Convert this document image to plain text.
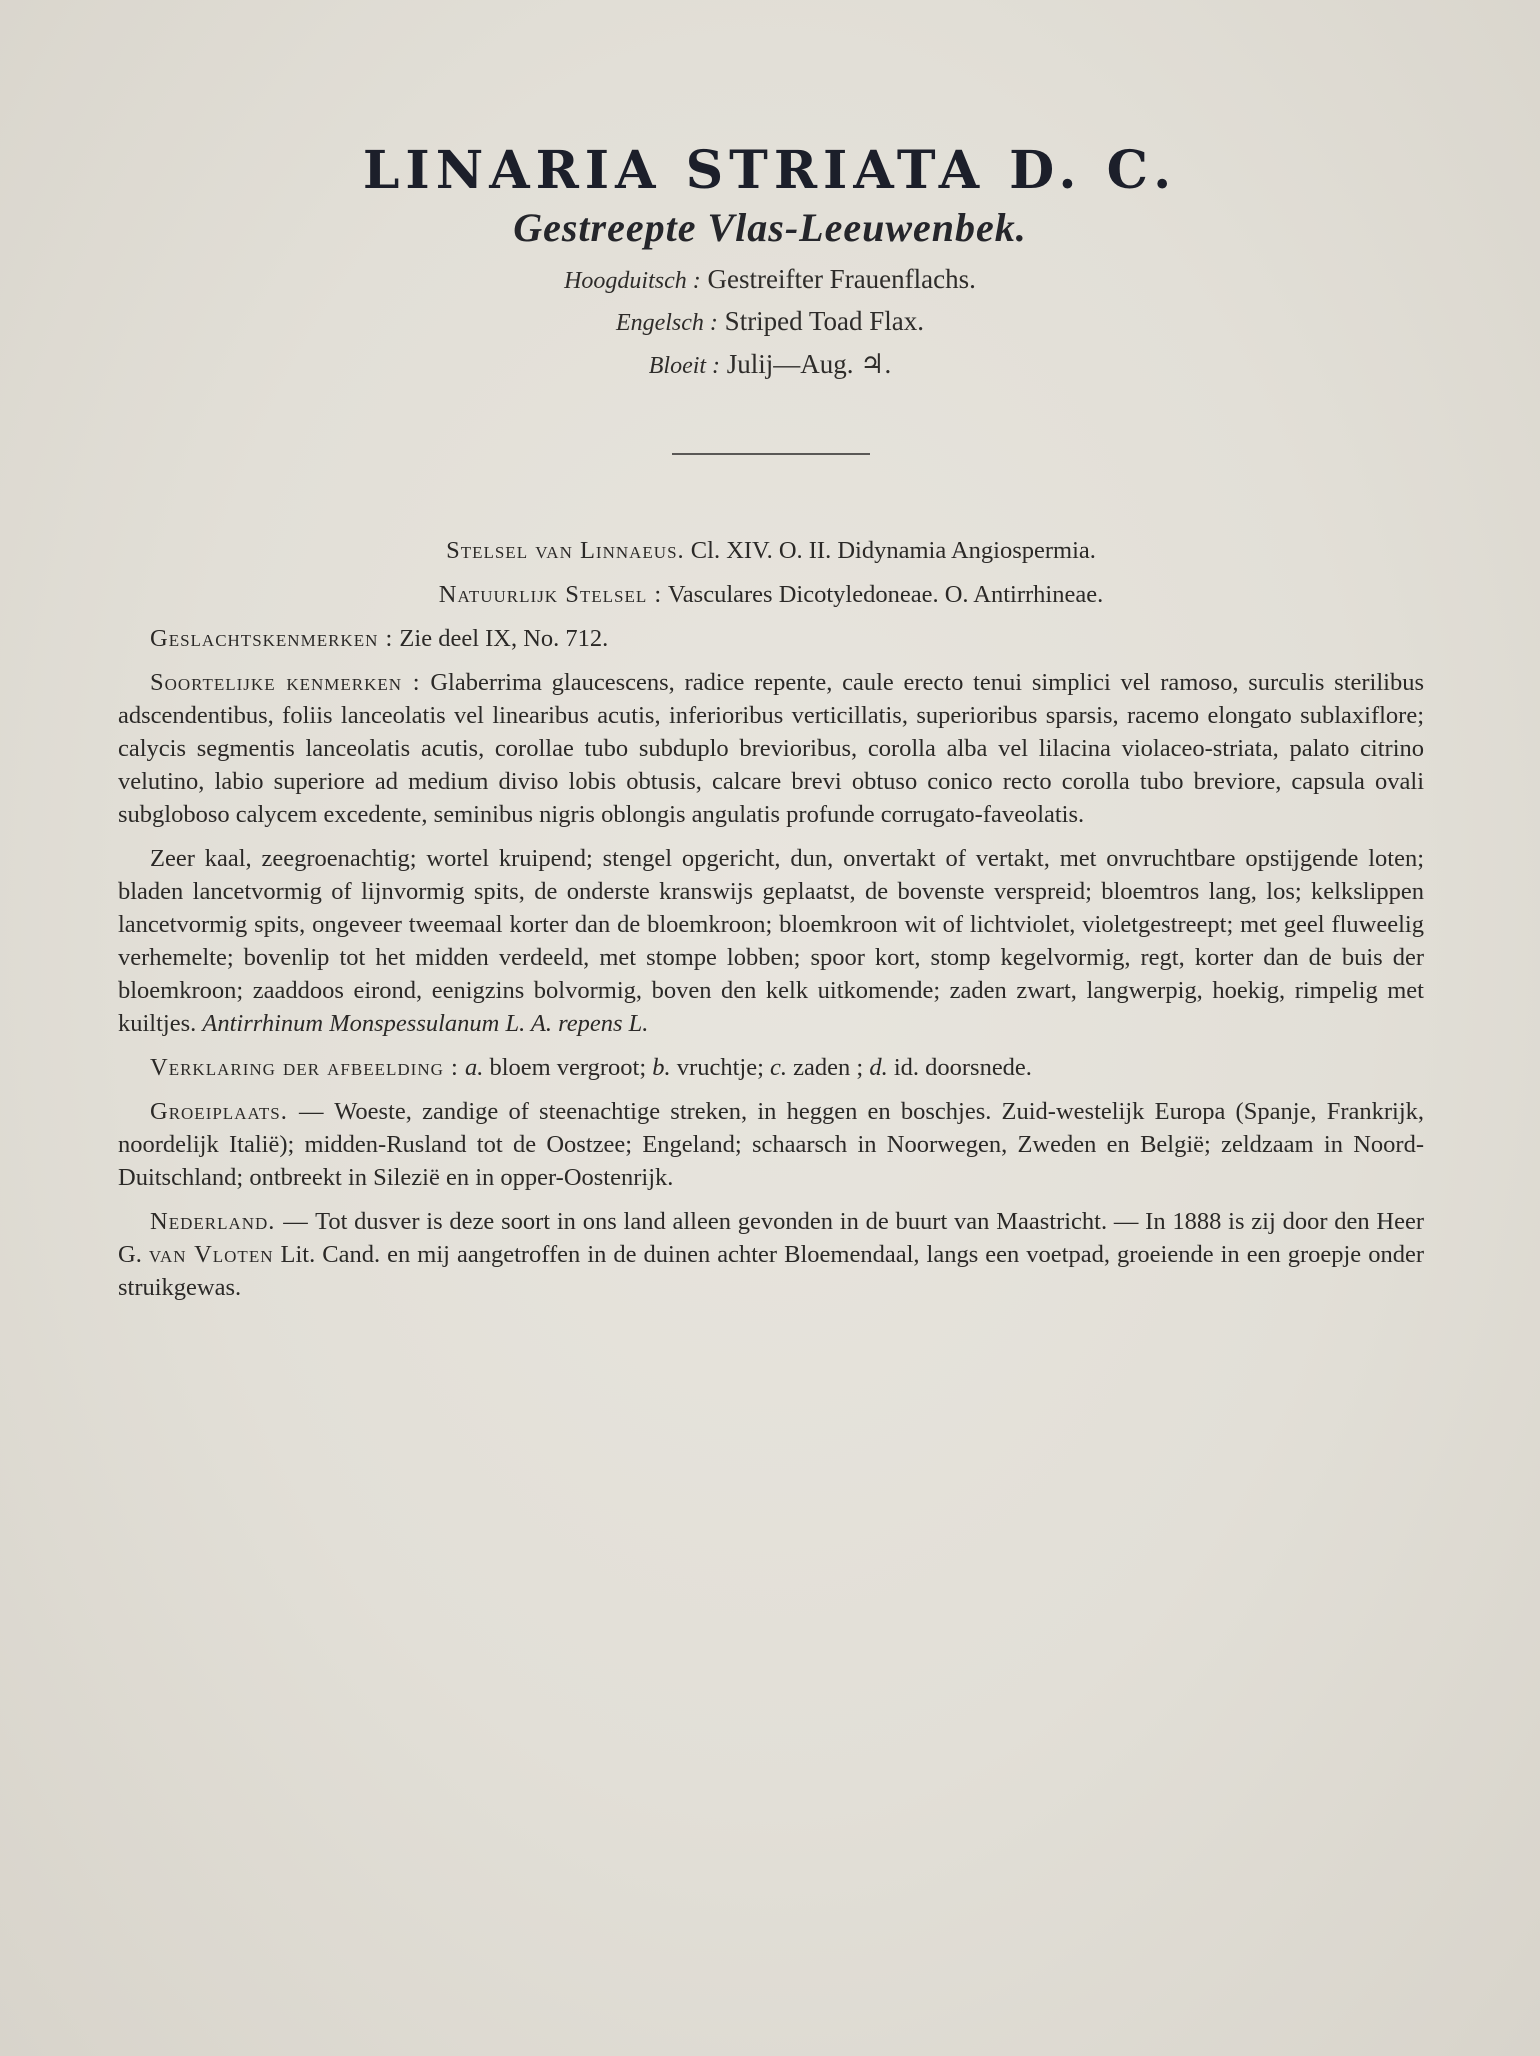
LINARIA STRIATA D. C.
Gestreepte Vlas-Leeuwenbek.
Hoogduitsch : Gestreifter Frauenflachs.
Engelsch : Striped Toad Flax.
Bloeit : Julij—Aug. ♃.

Stelsel van Linnaeus. Cl. XIV. O. II. Didynamia Angiospermia.

Natuurlijk Stelsel : Vasculares Dicotyledoneae. O. Antirrhineae.

Geslachtskenmerken : Zie deel IX, No. 712.

Soortelijke kenmerken : Glaberrima glaucescens, radice repente, caule erecto tenui simplici vel ramoso, surculis sterilibus adscendentibus, foliis lanceolatis vel linearibus acutis, inferioribus verticillatis, superioribus sparsis, racemo elongato sublaxiflore; calycis segmentis lanceolatis acutis, corollae tubo subduplo brevioribus, corolla alba vel lilacina violaceo-striata, palato citrino velutino, labio superiore ad medium diviso lobis obtusis, calcare brevi obtuso conico recto corolla tubo breviore, capsula ovali subgloboso calycem excedente, seminibus nigris oblongis angulatis profunde corrugato-faveolatis.

Zeer kaal, zeegroenachtig; wortel kruipend; stengel opgericht, dun, onvertakt of vertakt, met onvruchtbare opstijgende loten; bladen lancetvormig of lijnvormig spits, de onderste kranswijs geplaatst, de bovenste verspreid; bloemtros lang, los; kelkslippen lancetvormig spits, ongeveer tweemaal korter dan de bloemkroon; bloemkroon wit of lichtviolet, violetgestreept; met geel fluweelig verhemelte; bovenlip tot het midden verdeeld, met stompe lobben; spoor kort, stomp kegelvormig, regt, korter dan de buis der bloemkroon; zaaddoos eirond, eenigzins bolvormig, boven den kelk uitkomende; zaden zwart, langwerpig, hoekig, rimpelig met kuiltjes. Antirrhinum Monspessulanum L. A. repens L.

Verklaring der afbeelding : a. bloem vergroot; b. vruchtje; c. zaden ; d. id. doorsnede.

Groeiplaats. — Woeste, zandige of steenachtige streken, in heggen en boschjes. Zuid-westelijk Europa (Spanje, Frankrijk, noordelijk Italië); midden-Rusland tot de Oostzee; Engeland; schaarsch in Noorwegen, Zweden en België; zeldzaam in Noord-Duitschland; ontbreekt in Silezië en in opper-Oostenrijk.

Nederland. — Tot dusver is deze soort in ons land alleen gevonden in de buurt van Maastricht. — In 1888 is zij door den Heer G. van Vloten Lit. Cand. en mij aangetroffen in de duinen achter Bloemendaal, langs een voetpad, groeiende in een groepje onder struikgewas.
